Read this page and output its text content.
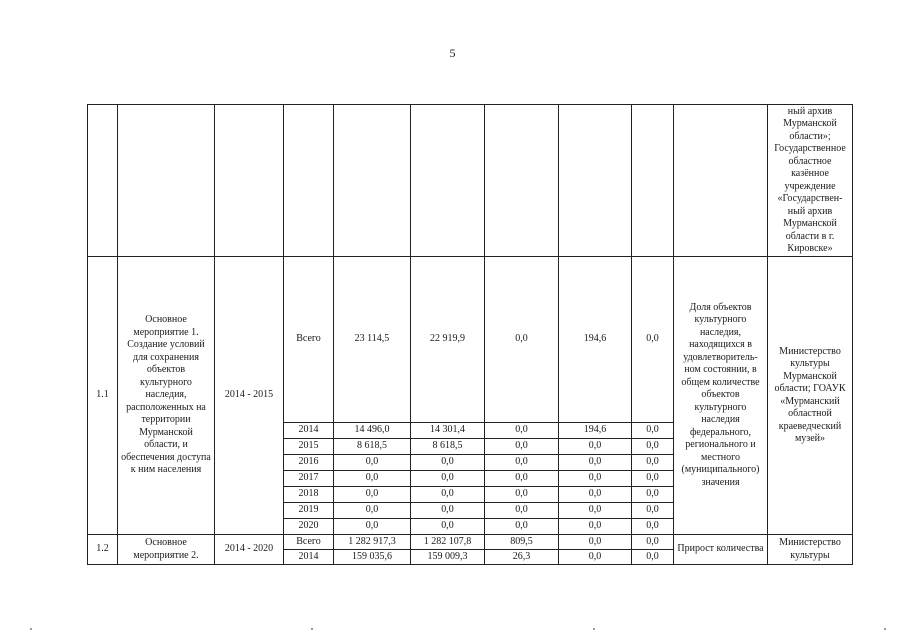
5
										ный архив Мурманской области»; Государственное областное казённое учреждение «Государствен-ный архив Мурманской области в г. Кировске»
1.1	Основное мероприятие 1. Создание условий для сохранения объектов культурного наследия, расположенных на территории Мурманской области, и обеспечения доступа к ним населения	2014 - 2015	Всего	23 114,5	22 919,9	0,0	194,6	0,0	Доля объектов культурного наследия, находящихся в удовлетворитель-ном состоянии, в общем количестве объектов культурного наследия федерального, регионального и местного (муниципального) значения	Министерство культуры Мурманской области; ГОАУК «Мурманский областной краеведческий музей»
			2014	14 496,0	14 301,4	0,0	194,6	0,0		
			2015	8 618,5	8 618,5	0,0	0,0	0,0		
			2016	0,0	0,0	0,0	0,0	0,0		
			2017	0,0	0,0	0,0	0,0	0,0		
			2018	0,0	0,0	0,0	0,0	0,0		
			2019	0,0	0,0	0,0	0,0	0,0		
			2020	0,0	0,0	0,0	0,0	0,0		
1.2	Основное мероприятие 2.	2014 - 2020	Всего	1 282 917,3	1 282 107,8	809,5	0,0	0,0	Прирост количества	Министерство культуры
			2014	159 035,6	159 009,3	26,3	0,0	0,0		
